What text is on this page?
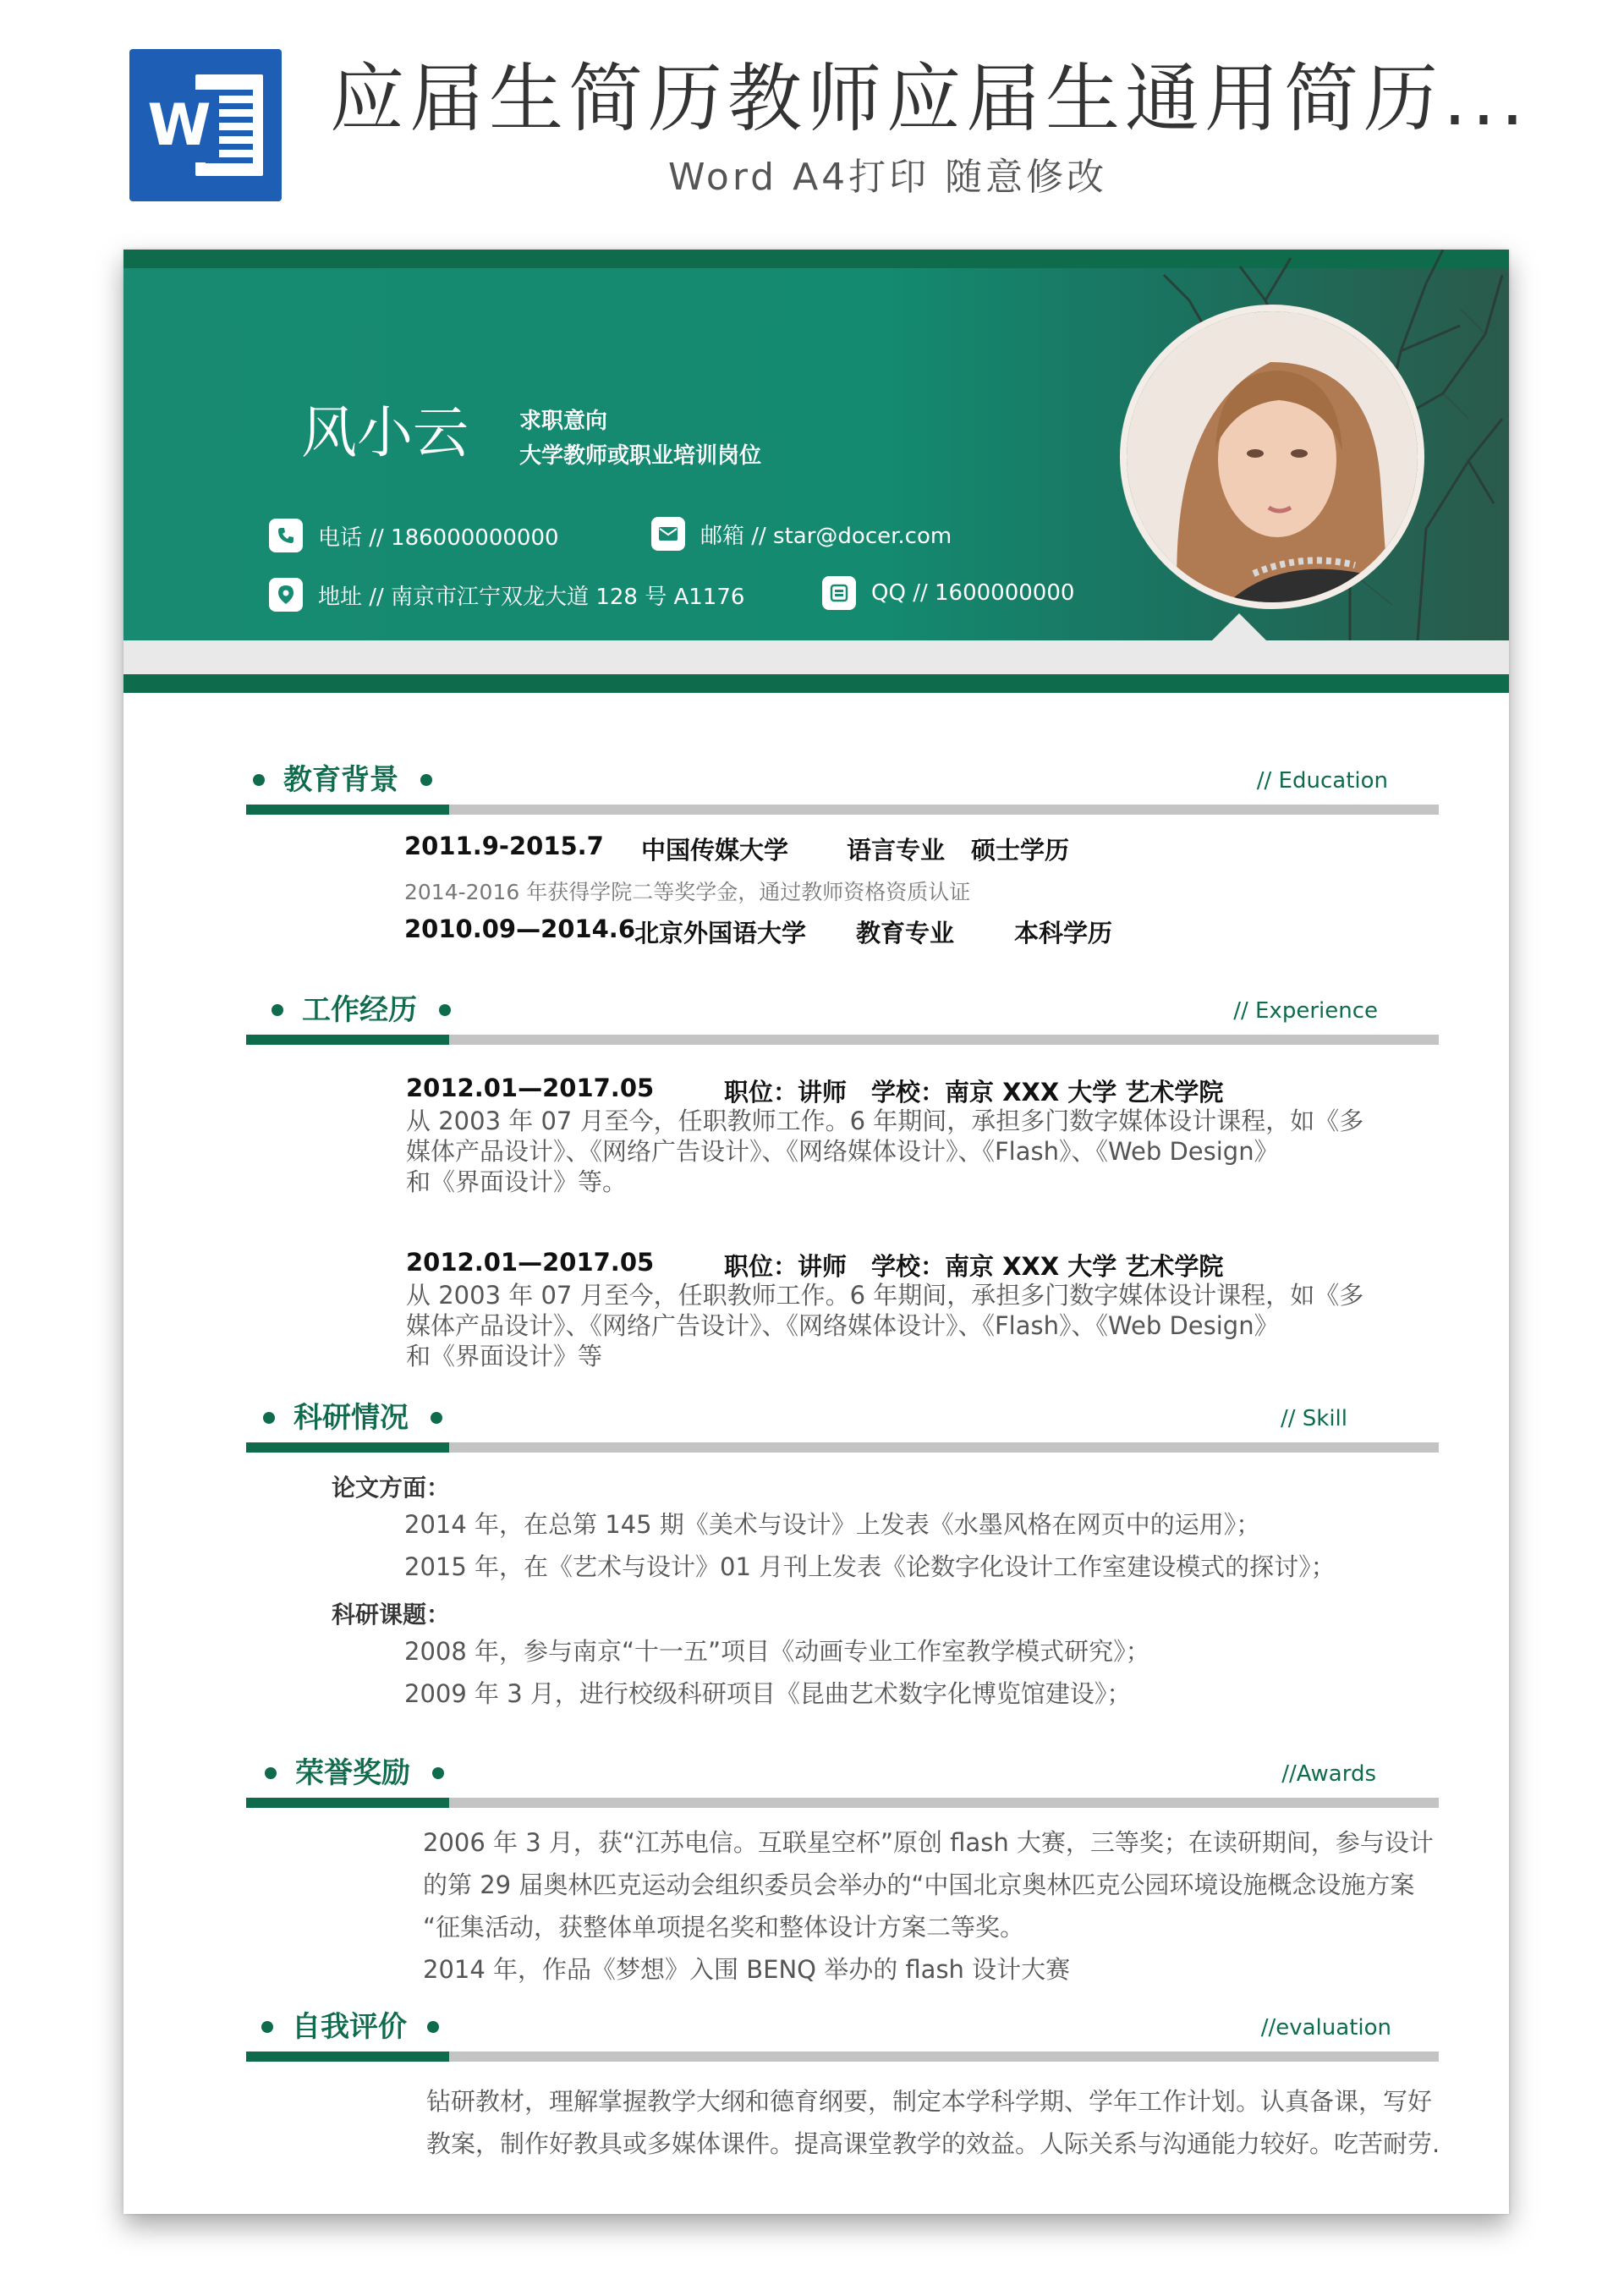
W 应届生简历教师应届生通用简历...
Word A4打印 随意修改
风小云	求职意向
大学教师或职业培训岗位
电话 // 186000000000	邮箱 // star@docer.com
地址 // 南京市江宁双龙大道 128 号 A1176	QQ // 1600000000
教育背景	// Education
2011.9-2015.7 中国传媒大学 语言专业 硕士学历
2014-2016 年获得学院二等奖学金，通过教师资格资质认证
2010.09—2014.6 北京外国语大学 教育专业 本科学历
工作经历	// Experience
2012.01—2017.05	职位：讲师 学校：南京 XXX 大学 艺术学院
从 2003 年 07 月至今，任职教师工作。6 年期间，承担多门数字媒体设计课程，如《多
媒体产品设计》、《网络广告设计》、《网络媒体设计》、《Flash》、《Web Design》
和《界面设计》等。
2012.01—2017.05	职位：讲师 学校：南京 XXX 大学 艺术学院
从 2003 年 07 月至今，任职教师工作。6 年期间，承担多门数字媒体设计课程，如《多
媒体产品设计》、《网络广告设计》、《网络媒体设计》、《Flash》、《Web Design》
和《界面设计》等
科研情况	// Skill
论文方面：
2014 年，在总第 145 期《美术与设计》上发表《水墨风格在网页中的运用》；
2015 年，在《艺术与设计》01 月刊上发表《论数字化设计工作室建设模式的探讨》；
科研课题：
2008 年，参与南京“十一五”项目《动画专业工作室教学模式研究》；
2009 年 3 月，进行校级科研项目《昆曲艺术数字化博览馆建设》；
荣誉奖励	//Awards
2006 年 3 月，获“江苏电信。互联星空杯”原创 flash 大赛，三等奖；在读研期间，参与设计
的第 29 届奥林匹克运动会组织委员会举办的“中国北京奥林匹克公园环境设施概念设施方案
“征集活动，获整体单项提名奖和整体设计方案二等奖。
2014 年，作品《梦想》入围 BENQ 举办的 flash 设计大赛
自我评价	//evaluation
钻研教材，理解掌握教学大纲和德育纲要，制定本学科学期、学年工作计划。认真备课，写好
教案，制作好教具或多媒体课件。提高课堂教学的效益。人际关系与沟通能力较好。吃苦耐劳.
